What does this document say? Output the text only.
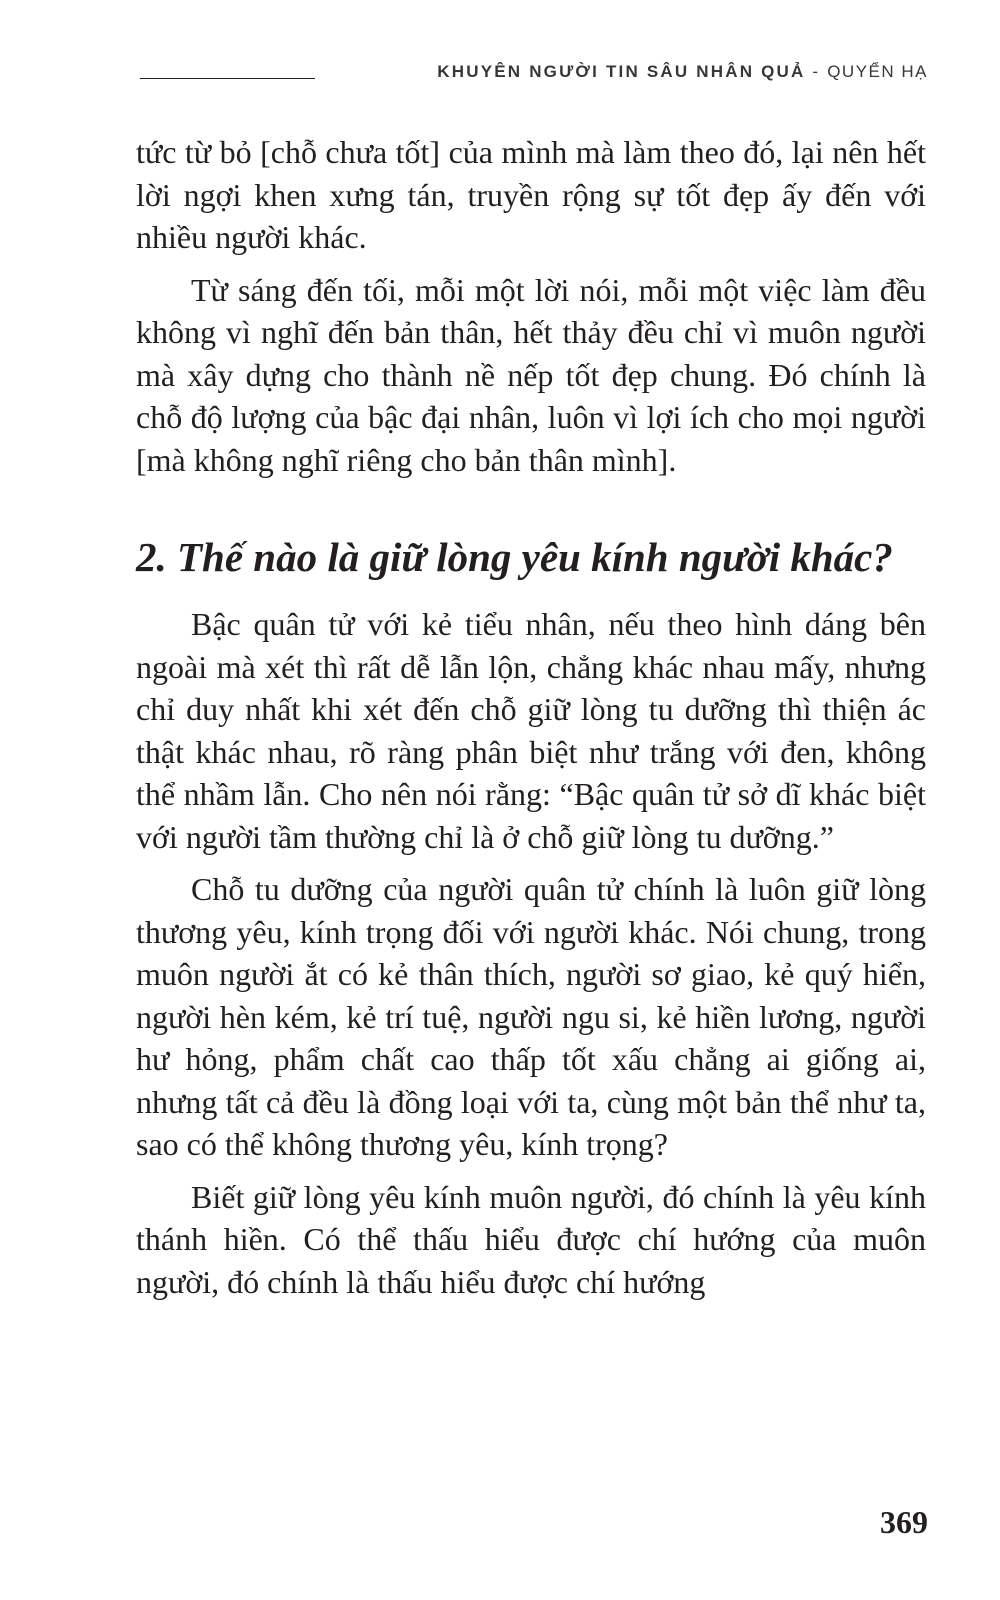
KHUYÊN NGƯỜI TIN SÂU NHÂN QUẢ - QUYỂN HẠ

tức từ bỏ [chỗ chưa tốt] của mình mà làm theo đó, lại nên hết lời ngợi khen xưng tán, truyền rộng sự tốt đẹp ấy đến với nhiều người khác.

Từ sáng đến tối, mỗi một lời nói, mỗi một việc làm đều không vì nghĩ đến bản thân, hết thảy đều chỉ vì muôn người mà xây dựng cho thành nề nếp tốt đẹp chung. Đó chính là chỗ độ lượng của bậc đại nhân, luôn vì lợi ích cho mọi người [mà không nghĩ riêng cho bản thân mình].

2. Thế nào là giữ lòng yêu kính người khác?

Bậc quân tử với kẻ tiểu nhân, nếu theo hình dáng bên ngoài mà xét thì rất dễ lẫn lộn, chẳng khác nhau mấy, nhưng chỉ duy nhất khi xét đến chỗ giữ lòng tu dưỡng thì thiện ác thật khác nhau, rõ ràng phân biệt như trắng với đen, không thể nhầm lẫn. Cho nên nói rằng: “Bậc quân tử sở dĩ khác biệt với người tầm thường chỉ là ở chỗ giữ lòng tu dưỡng.”

Chỗ tu dưỡng của người quân tử chính là luôn giữ lòng thương yêu, kính trọng đối với người khác. Nói chung, trong muôn người ắt có kẻ thân thích, người sơ giao, kẻ quý hiển, người hèn kém, kẻ trí tuệ, người ngu si, kẻ hiền lương, người hư hỏng, phẩm chất cao thấp tốt xấu chẳng ai giống ai, nhưng tất cả đều là đồng loại với ta, cùng một bản thể như ta, sao có thể không thương yêu, kính trọng?

Biết giữ lòng yêu kính muôn người, đó chính là yêu kính thánh hiền. Có thể thấu hiểu được chí hướng của muôn người, đó chính là thấu hiểu được chí hướng

369
